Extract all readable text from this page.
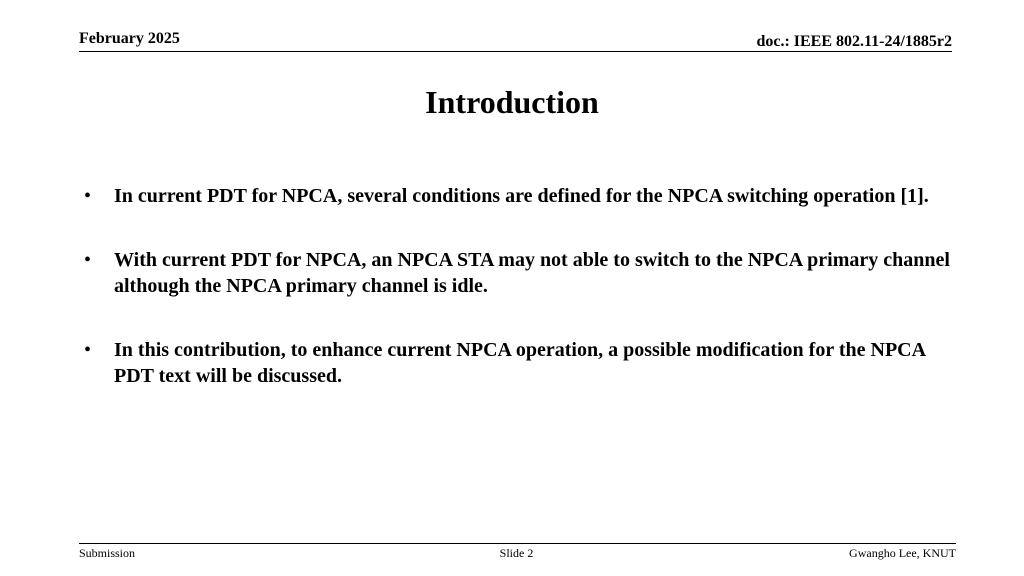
February 2025	doc.: IEEE 802.11-24/1885r2
Introduction
• In current PDT for NPCA, several conditions are defined for the NPCA switching operation [1].
• With current PDT for NPCA, an NPCA STA may not able to switch to the NPCA primary channel although the NPCA primary channel is idle.
• In this contribution, to enhance current NPCA operation, a possible modification for the NPCA PDT text will be discussed.
Submission	Slide 2	Gwangho Lee, KNUT
